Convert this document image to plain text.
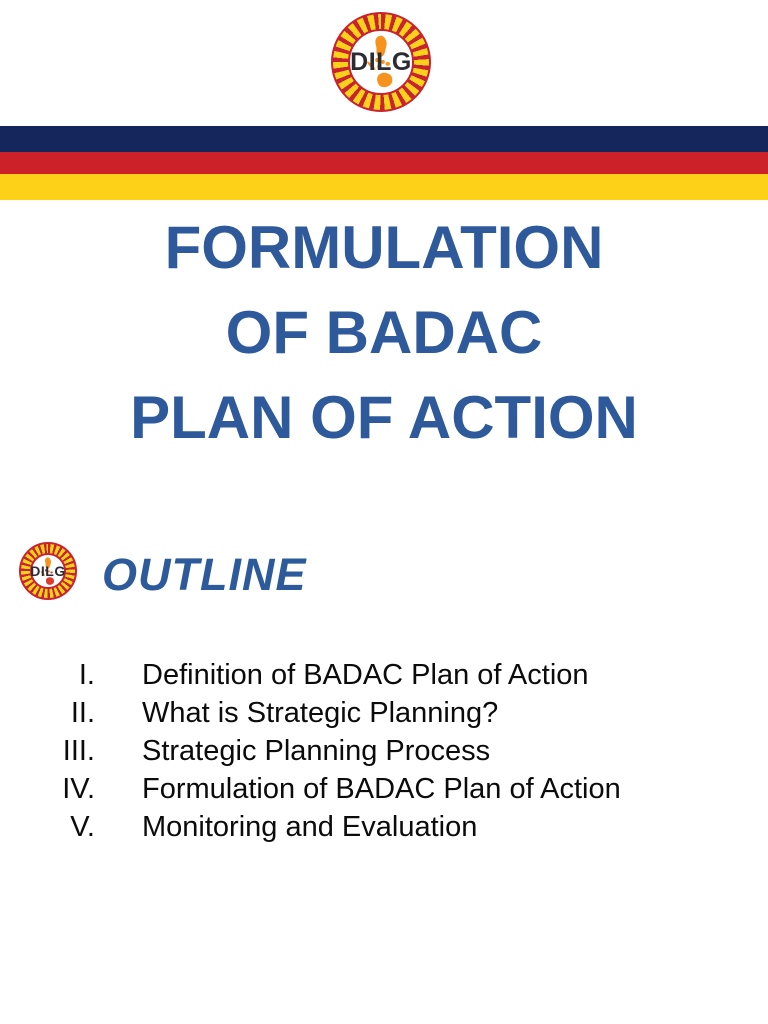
DILG
FORMULATION
OF BADAC
PLAN OF ACTION
DILG OUTLINE
I.	Definition of BADAC Plan of Action
II.	What is Strategic Planning?
III.	Strategic Planning Process
IV.	Formulation of BADAC Plan of Action
V.	Monitoring and Evaluation
